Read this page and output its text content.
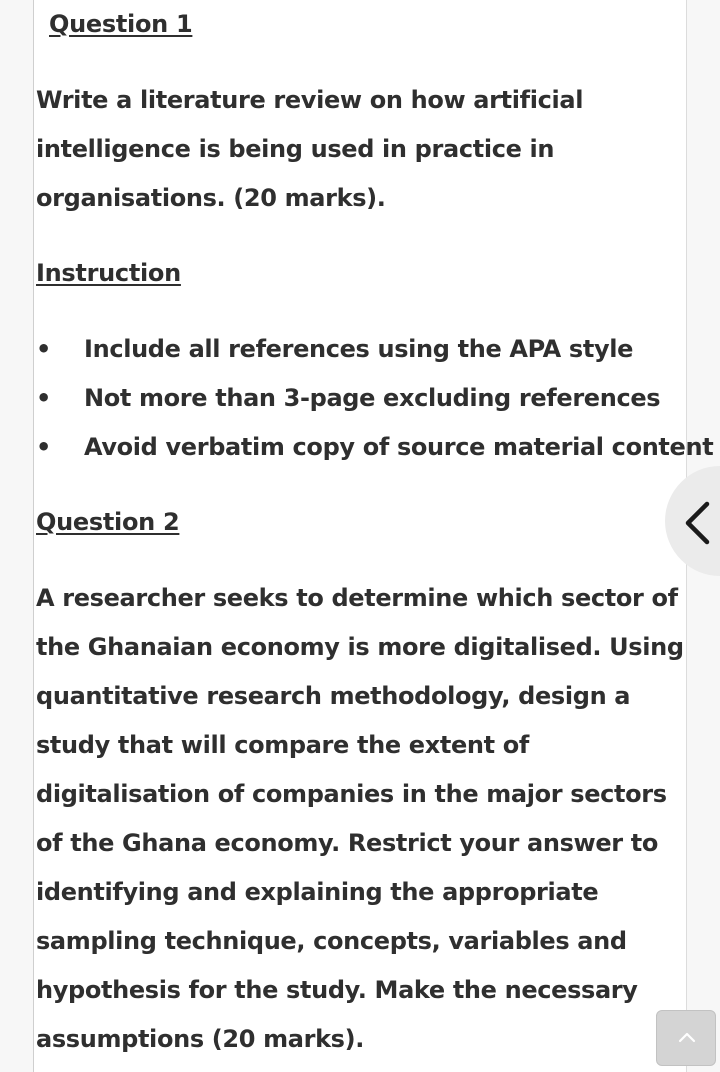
Question 1

Write a literature review on how artificial intelligence is being used in practice in organisations. (20 marks).

Instruction
• Include all references using the APA style
• Not more than 3-page excluding references
• Avoid verbatim copy of source material content
Question 2

A researcher seeks to determine which sector of the Ghanaian economy is more digitalised. Using quantitative research methodology, design a study that will compare the extent of digitalisation of companies in the major sectors of the Ghana economy. Restrict your answer to identifying and explaining the appropriate sampling technique, concepts, variables and hypothesis for the study. Make the necessary assumptions (20 marks).
